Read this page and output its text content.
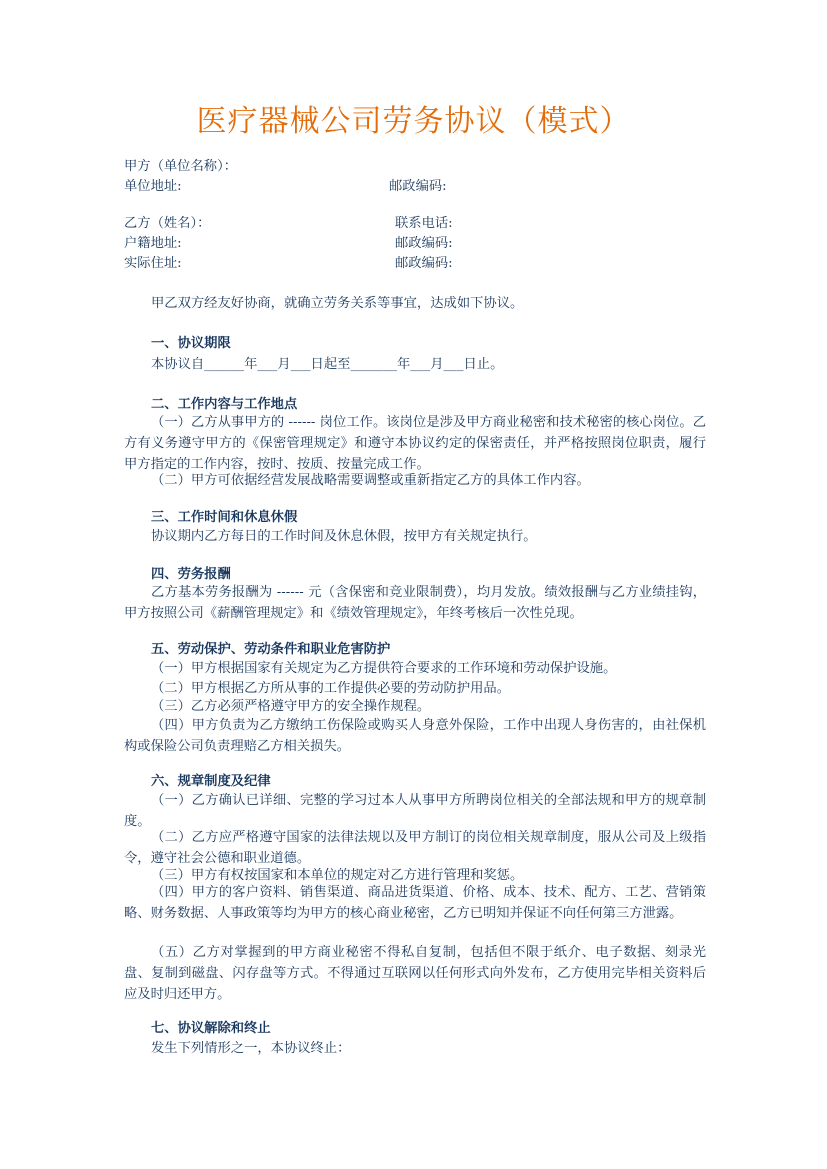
医疗器械公司劳务协议（模式）
甲方（单位名称）：
单位地址:	邮政编码:
乙方（姓名）：	联系电话:
户籍地址:	邮政编码:
实际住址:	邮政编码:
甲乙双方经友好协商，就确立劳务关系等事宜，达成如下协议。
一、协议期限
本协议自______年___月___日起至_______年___月___日止。
二、工作内容与工作地点
（一）乙方从事甲方的 ------ 岗位工作。该岗位是涉及甲方商业秘密和技术秘密的核心岗位。乙方有义务遵守甲方的《保密管理规定》和遵守本协议约定的保密责任，并严格按照岗位职责，履行甲方指定的工作内容，按时、按质、按量完成工作。
（二）甲方可依据经营发展战略需要调整或重新指定乙方的具体工作内容。
三、工作时间和休息休假
协议期内乙方每日的工作时间及休息休假，按甲方有关规定执行。
四、劳务报酬
乙方基本劳务报酬为 ------ 元（含保密和竞业限制费），均月发放。绩效报酬与乙方业绩挂钩，甲方按照公司《薪酬管理规定》和《绩效管理规定》，年终考核后一次性兑现。
五、劳动保护、劳动条件和职业危害防护
（一）甲方根据国家有关规定为乙方提供符合要求的工作环境和劳动保护设施。
（二）甲方根据乙方所从事的工作提供必要的劳动防护用品。
（三）乙方必须严格遵守甲方的安全操作规程。
（四）甲方负责为乙方缴纳工伤保险或购买人身意外保险，工作中出现人身伤害的，由社保机构或保险公司负责理赔乙方相关损失。
六、规章制度及纪律
（一）乙方确认已详细、完整的学习过本人从事甲方所聘岗位相关的全部法规和甲方的规章制度。
（二）乙方应严格遵守国家的法律法规以及甲方制订的岗位相关规章制度，服从公司及上级指令，遵守社会公德和职业道德。
（三）甲方有权按国家和本单位的规定对乙方进行管理和奖惩。
（四）甲方的客户资料、销售渠道、商品进货渠道、价格、成本、技术、配方、工艺、营销策略、财务数据、人事政策等均为甲方的核心商业秘密，乙方已明知并保证不向任何第三方泄露。
（五）乙方对掌握到的甲方商业秘密不得私自复制，包括但不限于纸介、电子数据、刻录光盘、复制到磁盘、闪存盘等方式。不得通过互联网以任何形式向外发布，乙方使用完毕相关资料后应及时归还甲方。
七、协议解除和终止
发生下列情形之一，本协议终止：
